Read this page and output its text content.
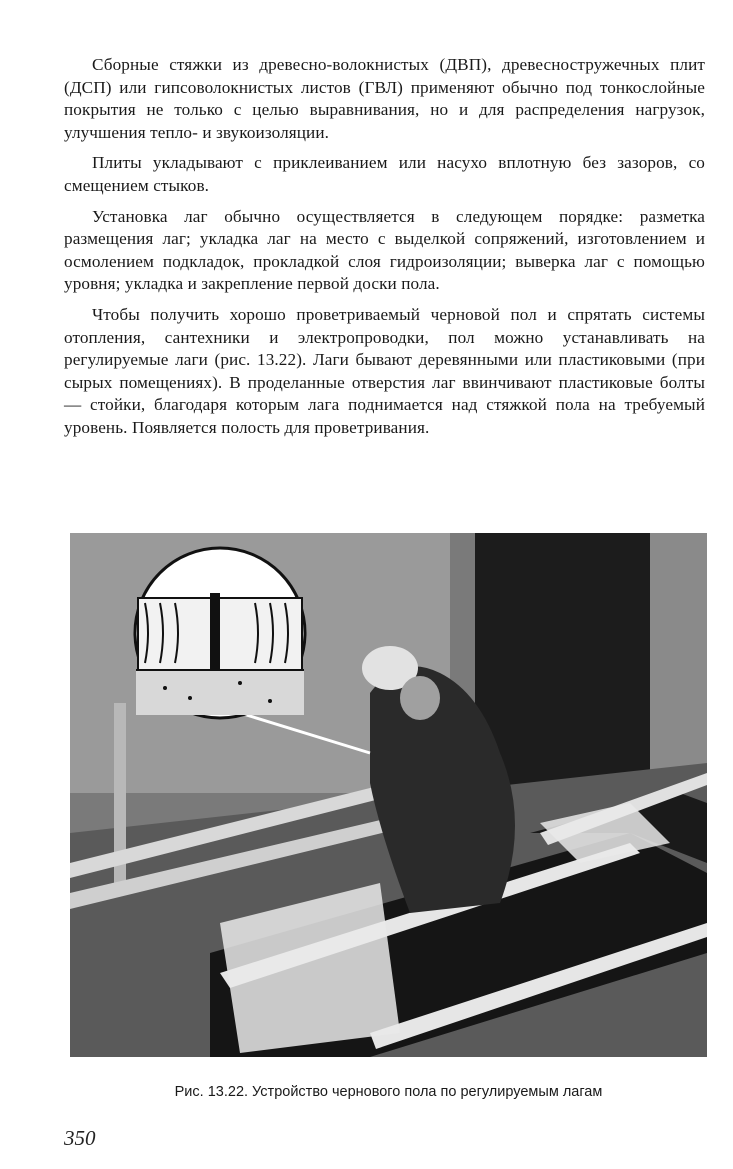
Сборные стяжки из древесно-волокнистых (ДВП), древесностружечных плит (ДСП) или гипсоволокнистых листов (ГВЛ) применяют обычно под тонкослойные покрытия не только с целью выравнивания, но и для распределения нагрузок, улучшения тепло- и звукоизоляции.

Плиты укладывают с приклеиванием или насухо вплотную без зазоров, со смещением стыков.

Установка лаг обычно осуществляется в следующем порядке: разметка размещения лаг; укладка лаг на место с выделкой сопряжений, изготовлением и осмолением подкладок, прокладкой слоя гидроизоляции; выверка лаг с помощью уровня; укладка и закрепление первой доски пола.

Чтобы получить хорошо проветриваемый черновой пол и спрятать системы отопления, сантехники и электропроводки, пол можно устанавливать на регулируемые лаги (рис. 13.22). Лаги бывают деревянными или пластиковыми (при сырых помещениях). В проделанные отверстия лаг ввинчивают пластиковые болты — стойки, благодаря которым лага поднимается над стяжкой пола на требуемый уровень. Появляется полость для проветривания.

Рис. 13.22. Устройство чернового пола по регулируемым лагам

350
